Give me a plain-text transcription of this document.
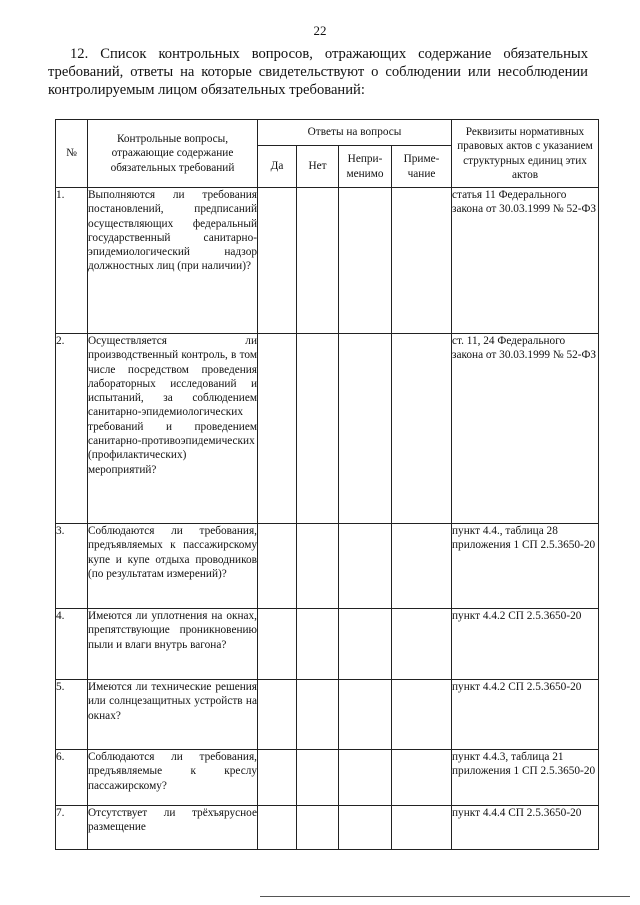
22
12. Список контрольных вопросов, отражающих содержание обязательных требований, ответы на которые свидетельствуют о соблюдении или несоблюдении контролируемым лицом обязательных требований:
№	Контрольные вопросы, отражающие содержание обязательных требований	Ответы на вопросы				Реквизиты нормативных правовых актов с указанием структурных единиц этих актов
		Да	Нет	Непри-менимо	Приме-чание	
1.	Выполняются ли требования постановлений, предписаний осуществляющих федеральный государственный санитарно-эпидемиологический надзор должностных лиц (при наличии)?					статья 11 Федерального закона от 30.03.1999 № 52-ФЗ
2.	Осуществляется ли производственный контроль, в том числе посредством проведения лабораторных исследований и испытаний, за соблюдением санитарно-эпидемиологических требований и проведением санитарно-противоэпидемических (профилактических) мероприятий?					ст. 11, 24 Федерального закона от 30.03.1999 № 52-ФЗ
3.	Соблюдаются ли требования, предъявляемых к пассажирскому купе и купе отдыха проводников (по результатам измерений)?					пункт 4.4., таблица 28 приложения 1 СП 2.5.3650-20
4.	Имеются ли уплотнения на окнах, препятствующие проникновению пыли и влаги внутрь вагона?					пункт 4.4.2 СП 2.5.3650-20
5.	Имеются ли технические решения или солнцезащитных устройств на окнах?					пункт 4.4.2 СП 2.5.3650-20
6.	Соблюдаются ли требования, предъявляемые к креслу пассажирскому?					пункт 4.4.3, таблица 21 приложения 1 СП 2.5.3650-20
7.	Отсутствует ли трёхъярусное размещение					пункт 4.4.4 СП 2.5.3650-20
